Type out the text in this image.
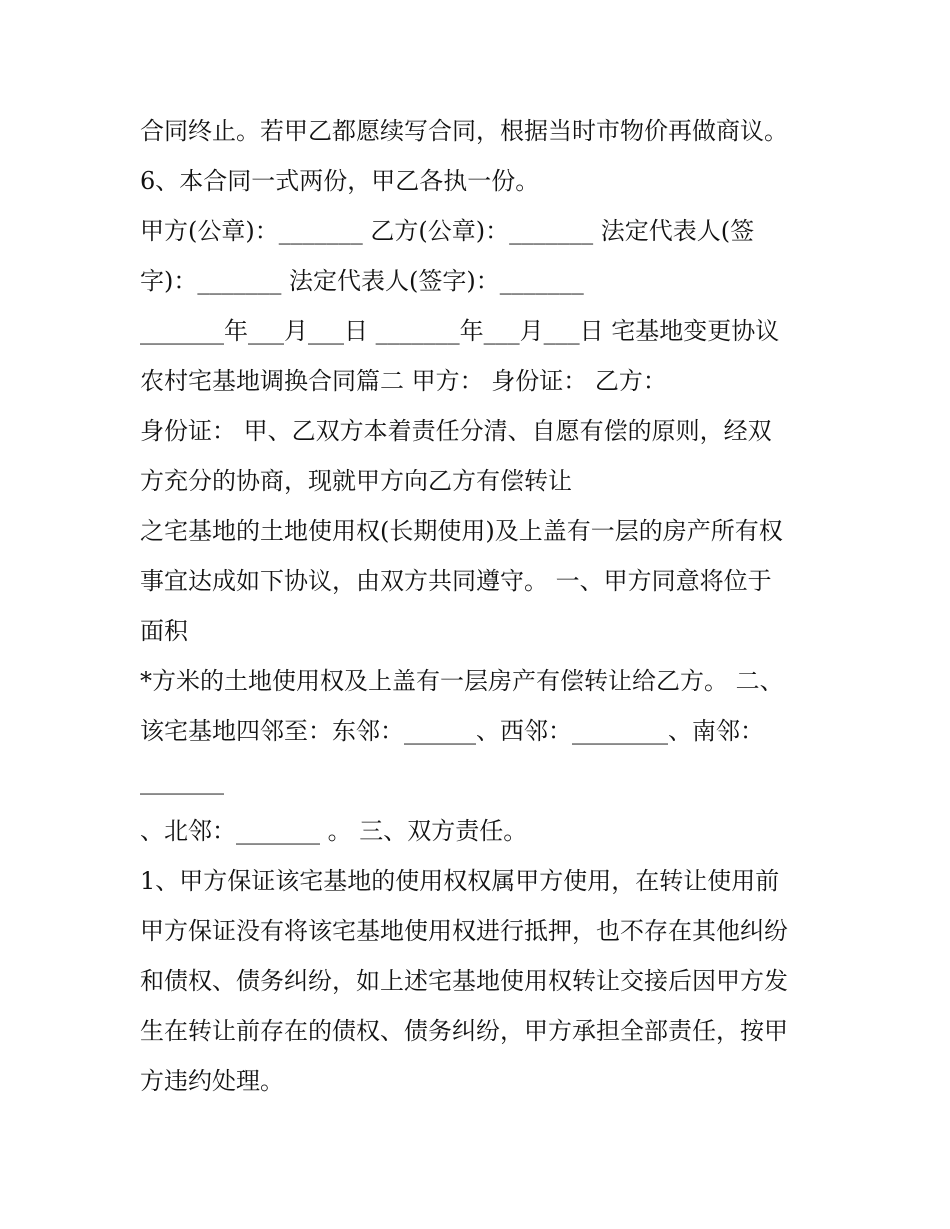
合同终止。若甲乙都愿续写合同，根据当时市物价再做商议。
6、本合同一式两份，甲乙各执一份。
甲方(公章)：_______ 乙方(公章)：_______ 法定代表人(签
字)：_______ 法定代表人(签字)：_______
_______年___月___日 _______年___月___日 宅基地变更协议
农村宅基地调换合同篇二 甲方： 身份证： 乙方：
身份证： 甲、乙双方本着责任分清、自愿有偿的原则，经双
方充分的协商，现就甲方向乙方有偿转让
之宅基地的土地使用权(长期使用)及上盖有一层的房产所有权
事宜达成如下协议，由双方共同遵守。 一、甲方同意将位于
面积
*方米的土地使用权及上盖有一层房产有偿转让给乙方。 二、
该宅基地四邻至：东邻：______、西邻：________、南邻：
_______
、北邻：_______ 。 三、双方责任。
1、甲方保证该宅基地的使用权权属甲方使用，在转让使用前
甲方保证没有将该宅基地使用权进行抵押，也不存在其他纠纷
和债权、债务纠纷，如上述宅基地使用权转让交接后因甲方发
生在转让前存在的债权、债务纠纷，甲方承担全部责任，按甲
方违约处理。
